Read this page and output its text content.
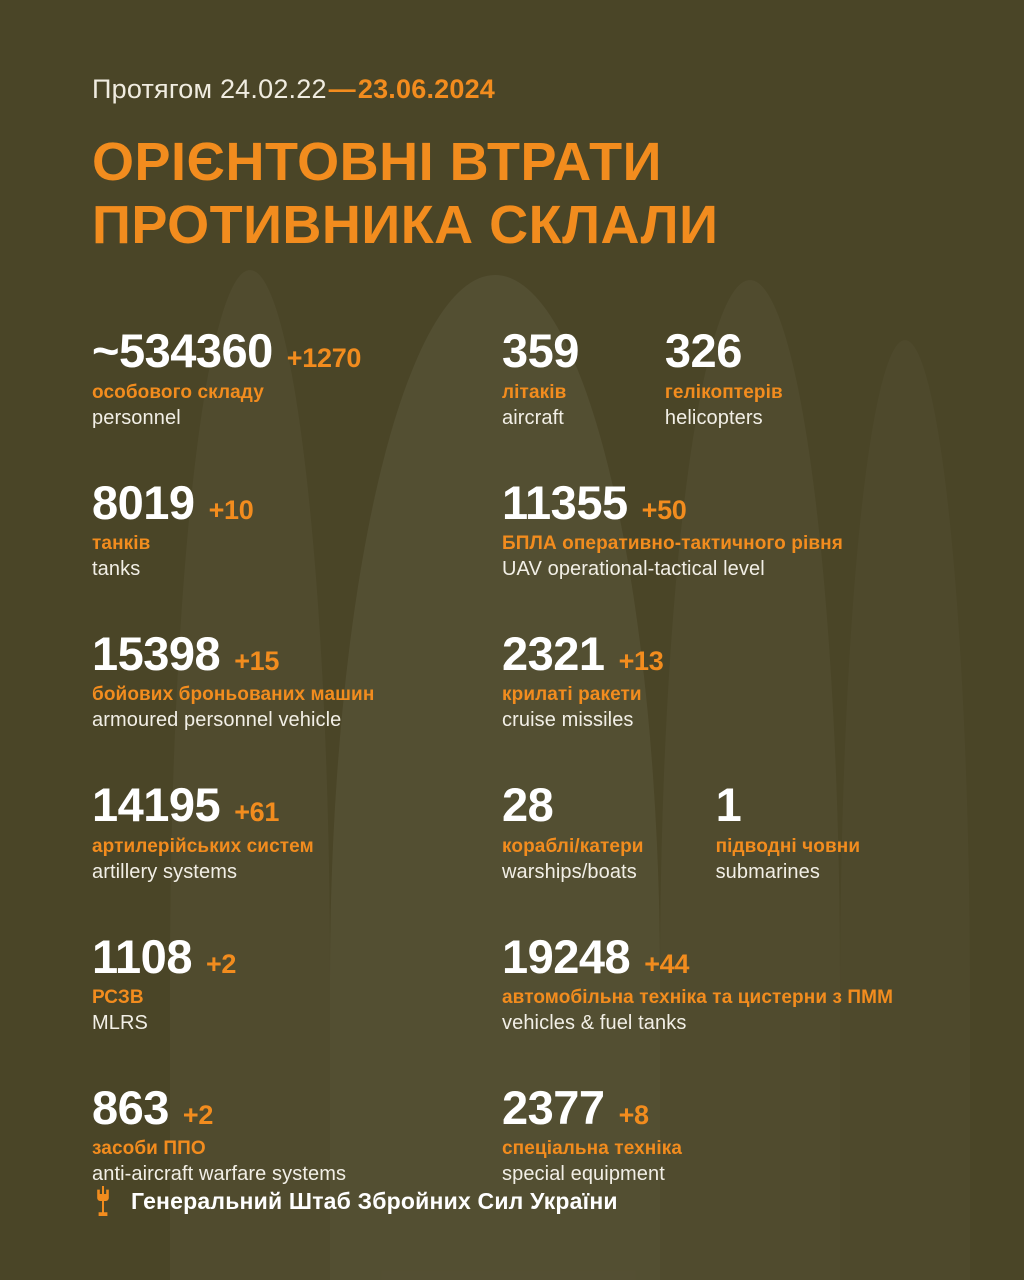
Протягом 24.02.22—23.06.2024
ОРІЄНТОВНІ ВТРАТИ
ПРОТИВНИКА СКЛАЛИ
~534360 +1270
особового складу
personnel
359
літаків
aircraft
326
гелікоптерів
helicopters
8019 +10
танків
tanks
11355 +50
БПЛА оперативно-тактичного рівня
UAV operational-tactical level
15398 +15
бойових броньованих машин
armoured personnel vehicle
2321 +13
крилаті ракети
cruise missiles
14195 +61
артилерійських систем
artillery systems
28
кораблі/катери
warships/boats
1
підводні човни
submarines
1108 +2
РСЗВ
MLRS
19248 +44
автомобільна техніка та цистерни з ПММ
vehicles & fuel tanks
863 +2
засоби ППО
anti-aircraft warfare systems
2377 +8
спеціальна техніка
special equipment
Генеральний Штаб Збройних Сил України
